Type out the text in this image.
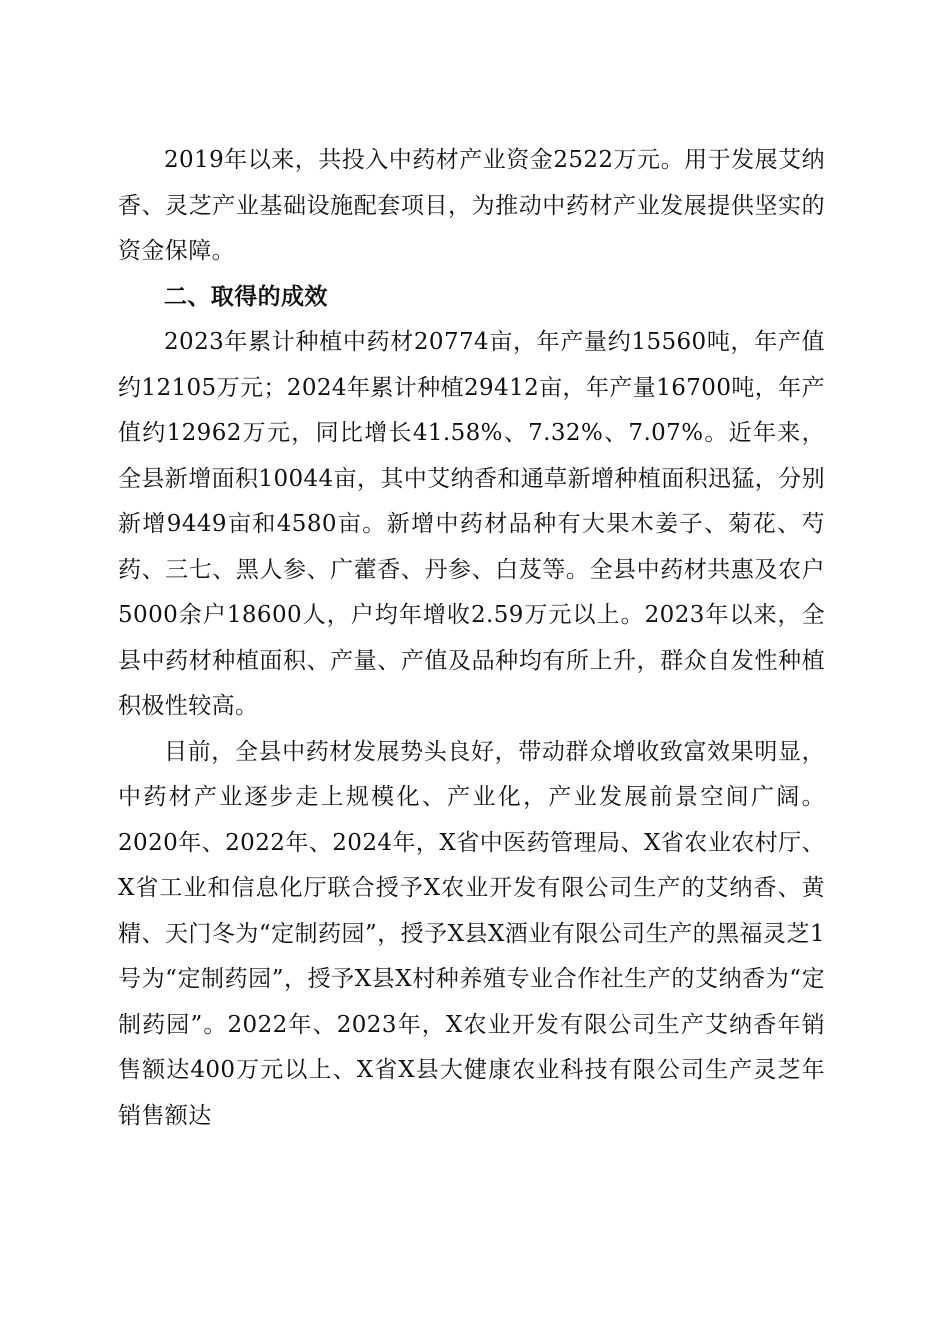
2019年以来，共投入中药材产业资金2522万元。用于发展艾纳香、灵芝产业基础设施配套项目，为推动中药材产业发展提供坚实的资金保障。

二、取得的成效

2023年累计种植中药材20774亩，年产量约15560吨，年产值约12105万元；2024年累计种植29412亩，年产量16700吨，年产值约12962万元，同比增长41.58%、7.32%、7.07%。近年来，全县新增面积10044亩，其中艾纳香和通草新增种植面积迅猛，分别新增9449亩和4580亩。新增中药材品种有大果木姜子、菊花、芍药、三七、黑人参、广藿香、丹参、白芨等。全县中药材共惠及农户5000余户18600人，户均年增收2.59万元以上。2023年以来，全县中药材种植面积、产量、产值及品种均有所上升，群众自发性种植积极性较高。

目前，全县中药材发展势头良好，带动群众增收致富效果明显，中药材产业逐步走上规模化、产业化，产业发展前景空间广阔。2020年、2022年、2024年，X省中医药管理局、X省农业农村厅、X省工业和信息化厅联合授予X农业开发有限公司生产的艾纳香、黄精、天门冬为“定制药园”，授予X县X酒业有限公司生产的黑福灵芝1号为“定制药园”，授予X县X村种养殖专业合作社生产的艾纳香为“定制药园”。2022年、2023年，X农业开发有限公司生产艾纳香年销售额达400万元以上、X省X县大健康农业科技有限公司生产灵芝年销售额达
